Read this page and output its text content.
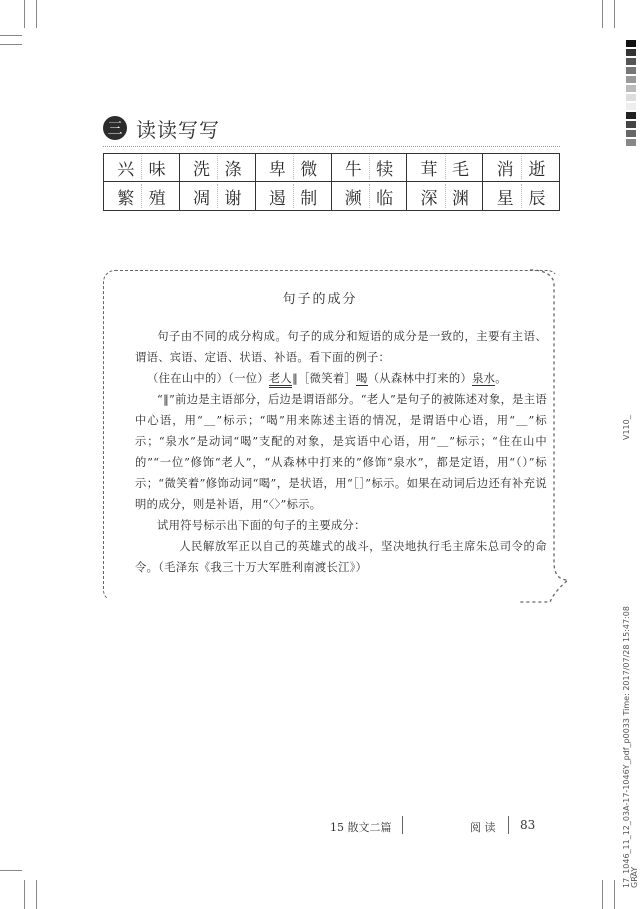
三 读读写写
兴 味 洗 涤 卑 微 牛 犊 茸 毛 消 逝
繁 殖 凋 谢 遏 制 濒 临 深 渊 星 辰
句子的成分
句子由不同的成分构成。句子的成分和短语的成分是一致的，主要有主语、谓语、宾语、定语、状语、补语。看下面的例子：
（住在山中的）（一位）老人‖［微笑着］喝（从森林中打来的）泉水。
“‖”前边是主语部分，后边是谓语部分。“老人”是句子的被陈述对象，是主语中心语，用“＿”标示；“喝”用来陈述主语的情况，是谓语中心语，用“＿”标示；“泉水”是动词“喝”支配的对象，是宾语中心语，用“＿”标示；“住在山中的”“一位”修饰“老人”，“从森林中打来的”修饰“泉水”，都是定语，用“（）”标示；“微笑着”修饰动词“喝”，是状语，用“［］”标示。如果在动词后边还有补充说明的成分，则是补语，用“〈〉”标示。
试用符号标示出下面的句子的主要成分：
人民解放军正以自己的英雄式的战斗，坚决地执行毛主席朱总司令的命令。（毛泽东《我三十万大军胜利南渡长江》）
15 散文二篇	阅 读 83
V110_
17_1046_11_12_03A-17-1046Y_pdf_p0033 Time: 2017/07/28 15:47:08 GRAY
